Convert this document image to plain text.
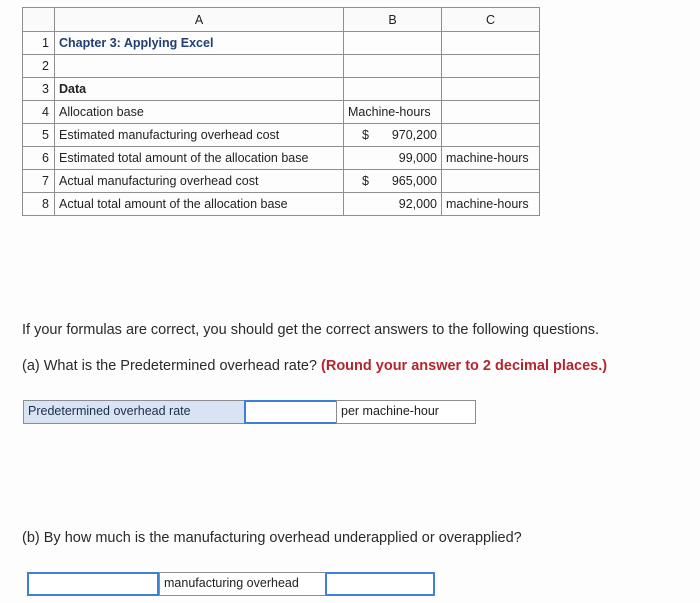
	A	B	C
1	Chapter 3: Applying Excel		
2			
3	Data		
4	Allocation base	Machine-hours	
5	Estimated manufacturing overhead cost	$ 970,200	

6	Estimated total amount of the allocation base	99,000	machine-hours
7	Actual manufacturing overhead cost	$ 965,000	

8	Actual total amount of the allocation base	92,000	machine-hours
If your formulas are correct, you should get the correct answers to the following questions.
(a) What is the Predetermined overhead rate? (Round your answer to 2 decimal places.)
Predetermined overhead rate	per machine-hour
(b) By how much is the manufacturing overhead underapplied or overapplied?
manufacturing overhead
